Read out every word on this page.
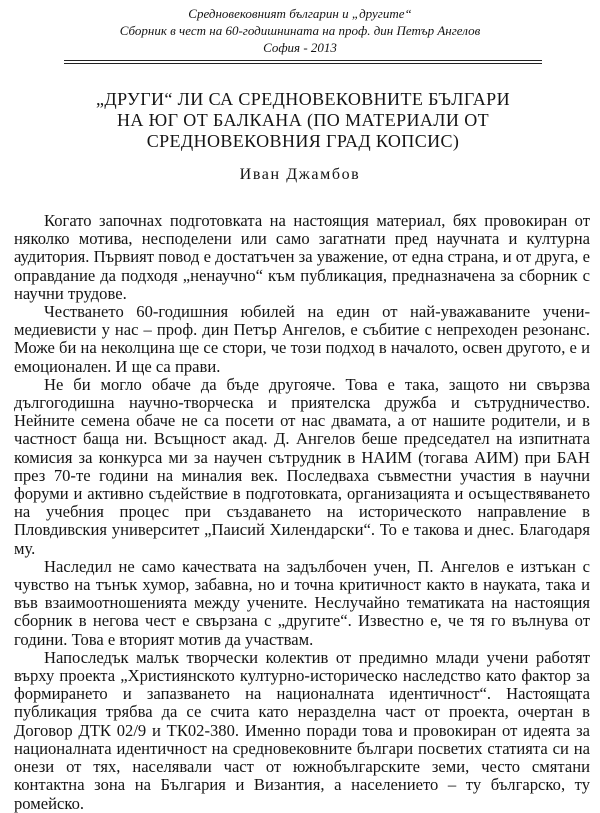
Средновековният българин и „другите“
Сборник в чест на 60-годишнината на проф. дин Петър Ангелов
София - 2013
„ДРУГИ“ ЛИ СА СРЕДНОВЕКОВНИТЕ БЪЛГАРИ
НА ЮГ ОТ БАЛКАНА (ПО МАТЕРИАЛИ ОТ
СРЕДНОВЕКОВНИЯ ГРАД КОПСИС)
Иван Джамбов

Когато започнах подготовката на настоящия материал, бях провокиран от няколко мотива, несподелени или само загатнати пред научната и културна аудитория. Първият повод е достатъчен за уважение, от една страна, и от друга, е оправдание да подходя „ненаучно“ към публикация, предназначена за сборник с научни трудове.

Честването 60-годишния юбилей на един от най-уважаваните учени-медиевисти у нас – проф. дин Петър Ангелов, е събитие с непреходен резонанс. Може би на неколцина ще се стори, че този подход в началото, освен другото, е и емоционален. И ще са прави.

Не би могло обаче да бъде другояче. Това е така, защото ни свързва дългогодишна научно-творческа и приятелска дружба и сътрудничество. Нейните семена обаче не са посети от нас двамата, а от нашите родители, и в частност баща ни. Всъщност акад. Д. Ангелов беше председател на изпитната комисия за конкурса ми за научен сътрудник в НАИМ (тогава АИМ) при БАН през 70-те години на миналия век. Последваха съвместни участия в научни форуми и активно съдействие в подготовката, организацията и осъществяването на учебния процес при създаването на историческото направление в Пловдивския университет „Паисий Хилендарски“. То е такова и днес. Благодаря му.

Наследил не само качествата на задълбочен учен, П. Ангелов е изтъкан с чувство на тънък хумор, забавна, но и точна критичност както в науката, така и във взаимоотношенията между учените. Неслучайно тематиката на настоящия сборник в негова чест е свързана с „другите“. Известно е, че тя го вълнува от години. Това е вторият мотив да участвам.

Напоследък малък творчески колектив от предимно млади учени работят върху проекта „Християнското културно-историческо наследство като фактор за формирането и запазването на националната идентичност“. Настоящата публикация трябва да се счита като неразделна част от проекта, очертан в Договор ДТК 02/9 и ТК02-380. Именно поради това и провокиран от идеята за националната идентичност на средновековните българи посветих статията си на онези от тях, населявали част от южнобългарските земи, често смятани контактна зона на България и Византия, а населението – ту българско, ту ромейско.
